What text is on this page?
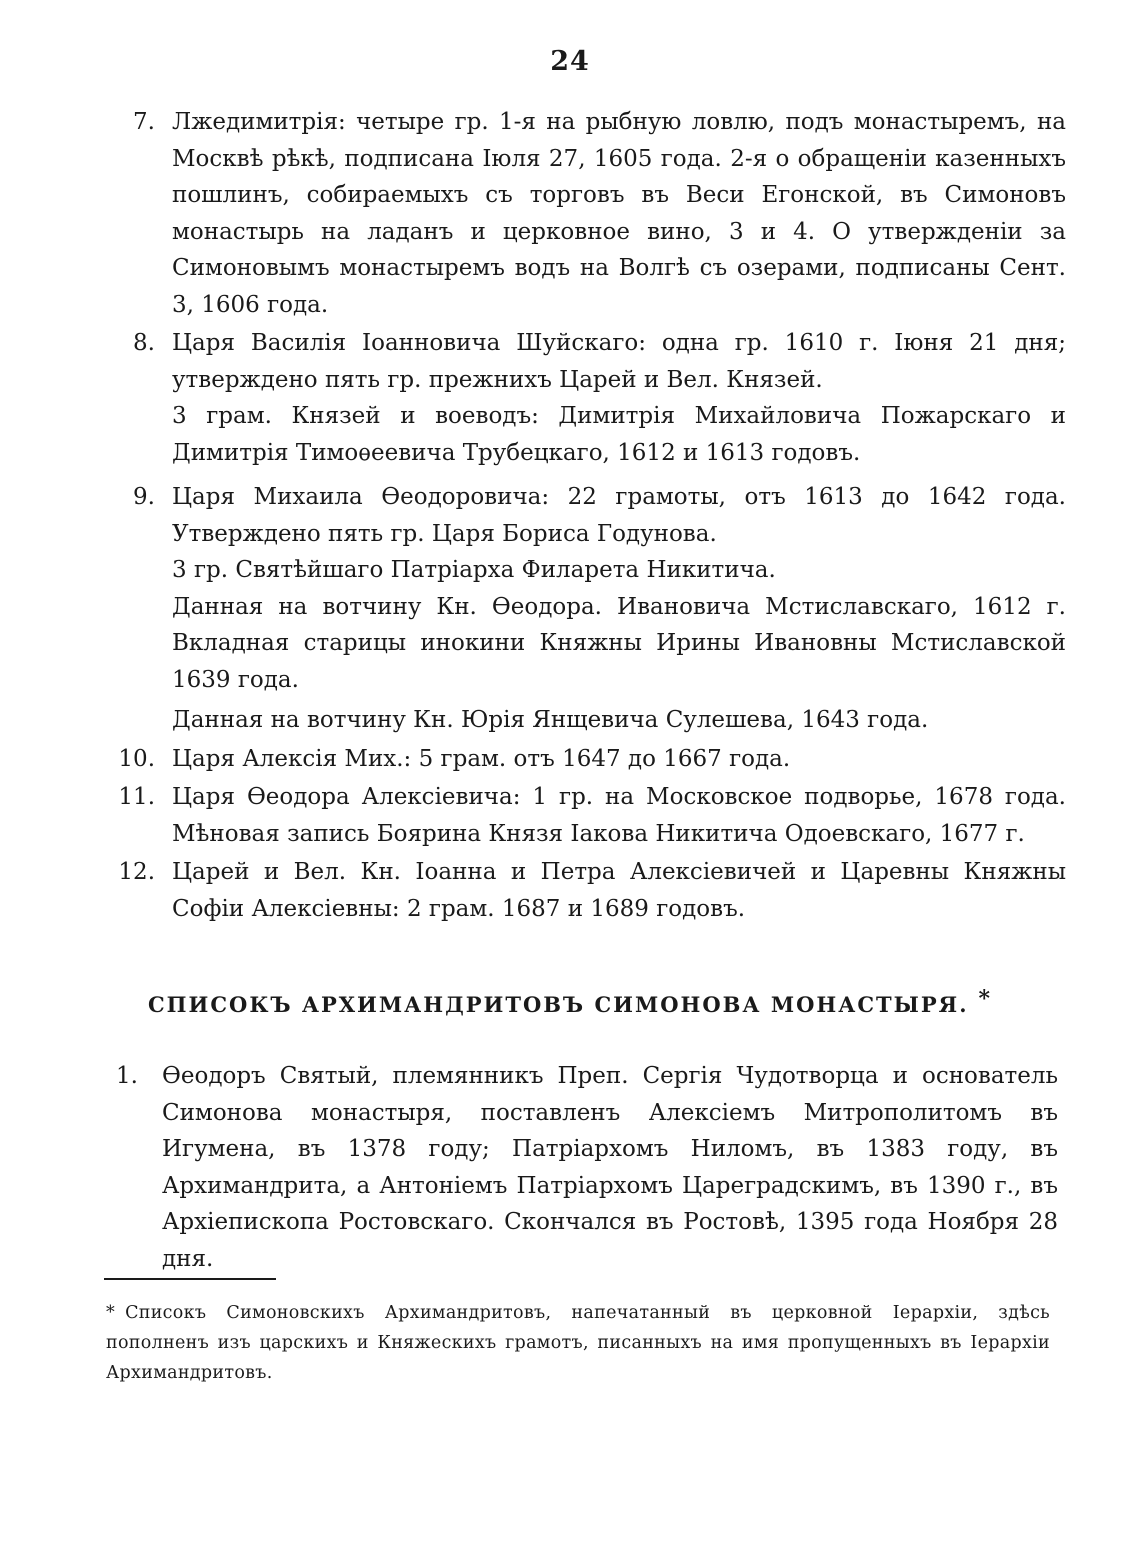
24
7. Лжедимитрія: четыре гр. 1-я на рыбную ловлю, подъ монастыремъ, на Москвѣ рѣкѣ, подписана Іюля 27, 1605 года. 2-я о обращеніи казенныхъ пошлинъ, собираемыхъ съ торговъ въ Веси Егонской, въ Симоновъ монастырь на ладанъ и церковное вино, 3 и 4. О утвержденіи за Симоновымъ монастыремъ водъ на Волгѣ съ озерами, подписаны Сент. 3, 1606 года.
8. Царя Василія Іоанновича Шуйскаго: одна гр. 1610 г. Іюня 21 дня; утверждено пять гр. прежнихъ Царей и Вел. Князей.
3 грам. Князей и воеводъ: Димитрія Михайловича Пожарскаго и Димитрія Тимоѳеевича Трубецкаго, 1612 и 1613 годовъ.
9. Царя Михаила Ѳеодоровича: 22 грамоты, отъ 1613 до 1642 года. Утверждено пять гр. Царя Бориса Годунова.
3 гр. Святѣйшаго Патріарха Филарета Никитича.
Данная на вотчину Кн. Ѳеодора. Ивановича Мстиславскаго, 1612 г. Вкладная старицы инокини Княжны Ирины Ивановны Мстиславской 1639 года.
Данная на вотчину Кн. Юрія Янщевича Сулешева, 1643 года.
10. Царя Алексія Мих.: 5 грам. отъ 1647 до 1667 года.
11. Царя Ѳеодора Алексіевича: 1 гр. на Московское подворье, 1678 года. Мѣновая запись Боярина Князя Іакова Никитича Одоевскаго, 1677 г.
12. Царей и Вел. Кн. Іоанна и Петра Алексіевичей и Царевны Княжны Софіи Алексіевны: 2 грам. 1687 и 1689 годовъ.
СПИСОКЪ АРХИМАНДРИТОВЪ СИМОНОВА МОНАСТЫРЯ. *
1. Ѳеодоръ Святый, племянникъ Преп. Сергія Чудотворца и основатель Симонова монастыря, поставленъ Алексіемъ Митрополитомъ въ Игумена, въ 1378 году; Патріархомъ Ниломъ, въ 1383 году, въ Архимандрита, а Антоніемъ Патріархомъ Цареградскимъ, въ 1390 г., въ Архіепископа Ростовскаго. Скончался въ Ростовѣ, 1395 года Ноября 28 дня.
* Списокъ Симоновскихъ Архимандритовъ, напечатанный въ церковной Іерархіи, здѣсь пополненъ изъ царскихъ и Княжескихъ грамотъ, писанныхъ на имя пропущенныхъ въ Іерархіи Архимандритовъ.
